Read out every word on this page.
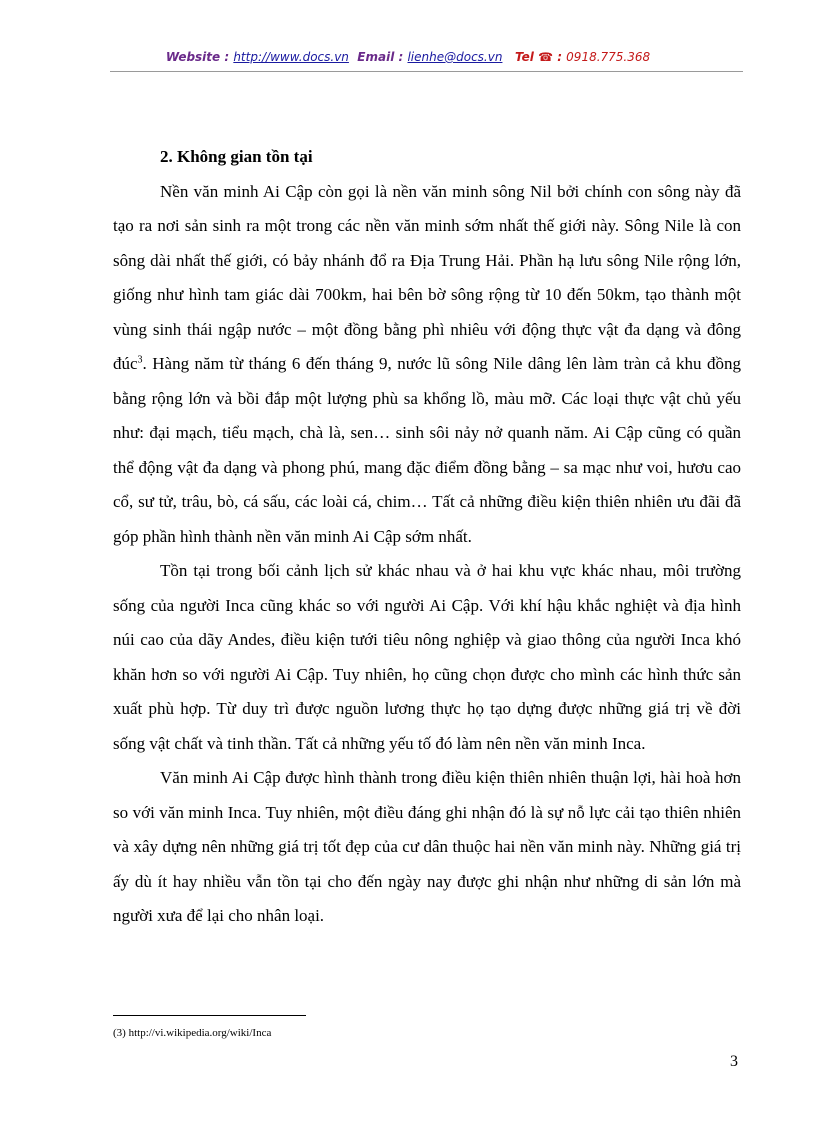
Website : http://www.docs.vn Email : lienhe@docs.vn Tel ☎ : 0918.775.368
2. Không gian tồn tại

Nền văn minh Ai Cập còn gọi là nền văn minh sông Nil bởi chính con sông này đã tạo ra nơi sản sinh ra một trong các nền văn minh sớm nhất thế giới này. Sông Nile là con sông dài nhất thế giới, có bảy nhánh đổ ra Địa Trung Hải. Phần hạ lưu sông Nile rộng lớn, giống như hình tam giác dài 700km, hai bên bờ sông rộng từ 10 đến 50km, tạo thành một vùng sinh thái ngập nước – một đồng bằng phì nhiêu với động thực vật đa dạng và đông đúc$^3$. Hàng năm từ tháng 6 đến tháng 9, nước lũ sông Nile dâng lên làm tràn cả khu đồng bằng rộng lớn và bồi đắp một lượng phù sa khổng lồ, màu mỡ. Các loại thực vật chủ yếu như: đại mạch, tiểu mạch, chà là, sen… sinh sôi nảy nở quanh năm. Ai Cập cũng có quần thể động vật đa dạng và phong phú, mang đặc điểm đồng bằng – sa mạc như voi, hươu cao cổ, sư tử, trâu, bò, cá sấu, các loài cá, chim… Tất cả những điều kiện thiên nhiên ưu đãi đã góp phần hình thành nền văn minh Ai Cập sớm nhất.

Tồn tại trong bối cảnh lịch sử khác nhau và ở hai khu vực khác nhau, môi trường sống của người Inca cũng khác so với người Ai Cập. Với khí hậu khắc nghiệt và địa hình núi cao của dãy Andes, điều kiện tưới tiêu nông nghiệp và giao thông của người Inca khó khăn hơn so với người Ai Cập. Tuy nhiên, họ cũng chọn được cho mình các hình thức sản xuất phù hợp. Từ duy trì được nguồn lương thực họ tạo dựng được những giá trị về đời sống vật chất và tinh thần. Tất cả những yếu tố đó làm nên nền văn minh Inca.

Văn minh Ai Cập được hình thành trong điều kiện thiên nhiên thuận lợi, hài hoà hơn so với văn minh Inca. Tuy nhiên, một điều đáng ghi nhận đó là sự nỗ lực cải tạo thiên nhiên và xây dựng nên những giá trị tốt đẹp của cư dân thuộc hai nền văn minh này. Những giá trị ấy dù ít hay nhiều vẫn tồn tại cho đến ngày nay được ghi nhận như những di sản lớn mà người xưa để lại cho nhân loại.

(3) http://vi.wikipedia.org/wiki/Inca
3
